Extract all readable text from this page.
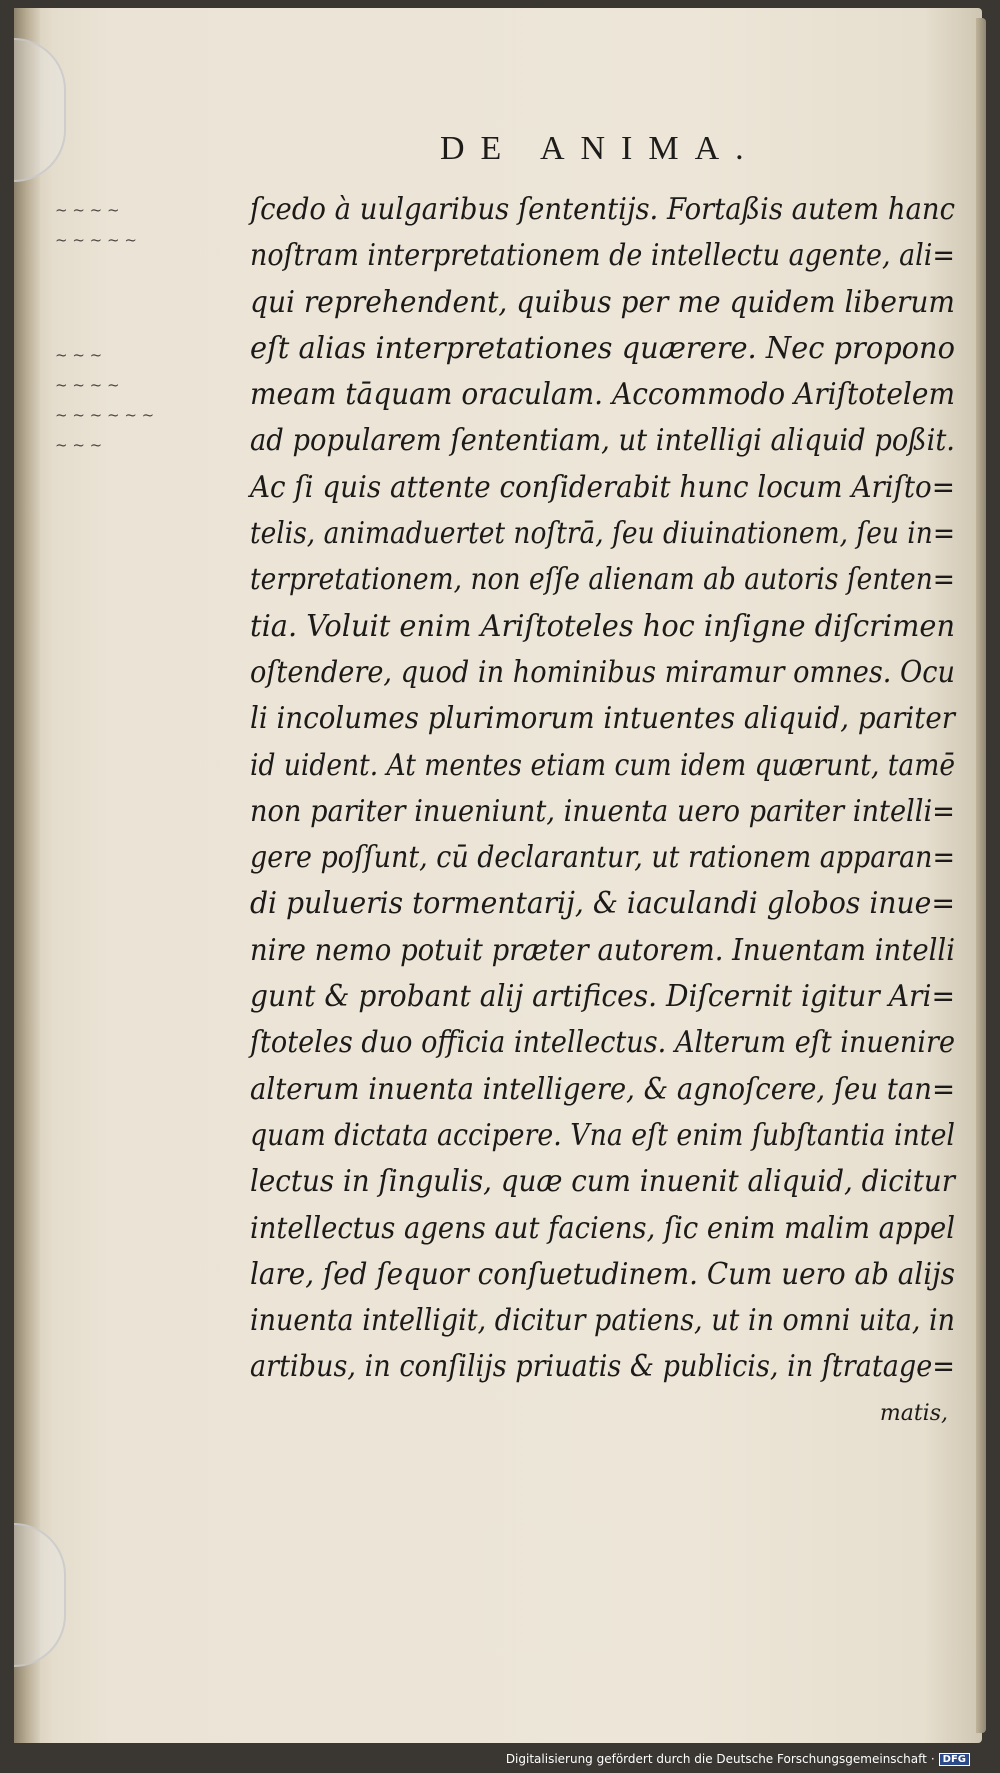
DE ANIMA.
~ ~ ~ ~
~ ~ ~ ~ ~
~ ~ ~
~ ~ ~ ~
~ ~ ~ ~ ~ ~
~ ~ ~
ſcedo à uulgaribus ſententijs. Fortaßis autem hanc
noſtram interpretationem de intellectu agente, ali=
qui reprehendent, quibus per me quidem liberum
eſt alias interpretationes quærere. Nec propono
meam tāquam oraculam. Accommodo Ariſtotelem
ad popularem ſententiam, ut intelligi aliquid poßit.
Ac ſi quis attente conſiderabit hunc locum Ariſto=
telis, animaduertet noſtrā, ſeu diuinationem, ſeu in=
terpretationem, non eſſe alienam ab autoris ſenten=
tia. Voluit enim Ariſtoteles hoc inſigne diſcrimen
oſtendere, quod in hominibus miramur omnes. Ocu
li incolumes plurimorum intuentes aliquid, pariter
id uident. At mentes etiam cum idem quærunt, tamē
non pariter inueniunt, inuenta uero pariter intelli=
gere poſſunt, cū declarantur, ut rationem apparan=
di pulueris tormentarij, & iaculandi globos inue=
nire nemo potuit præter autorem. Inuentam intelli
gunt & probant alij artifices. Diſcernit igitur Ari=
ſtoteles duo officia intellectus. Alterum eſt inuenire
alterum inuenta intelligere, & agnoſcere, ſeu tan=
quam dictata accipere. Vna eſt enim ſubſtantia intel
lectus in ſingulis, quæ cum inuenit aliquid, dicitur
intellectus agens aut faciens, ſic enim malim appel
lare, ſed ſequor conſuetudinem. Cum uero ab alijs
inuenta intelligit, dicitur patiens, ut in omni uita, in
artibus, in conſilijs priuatis & publicis, in ſtratage=
matis,
Digitalisierung gefördert durch die Deutsche Forschungsgemeinschaft · DFG
